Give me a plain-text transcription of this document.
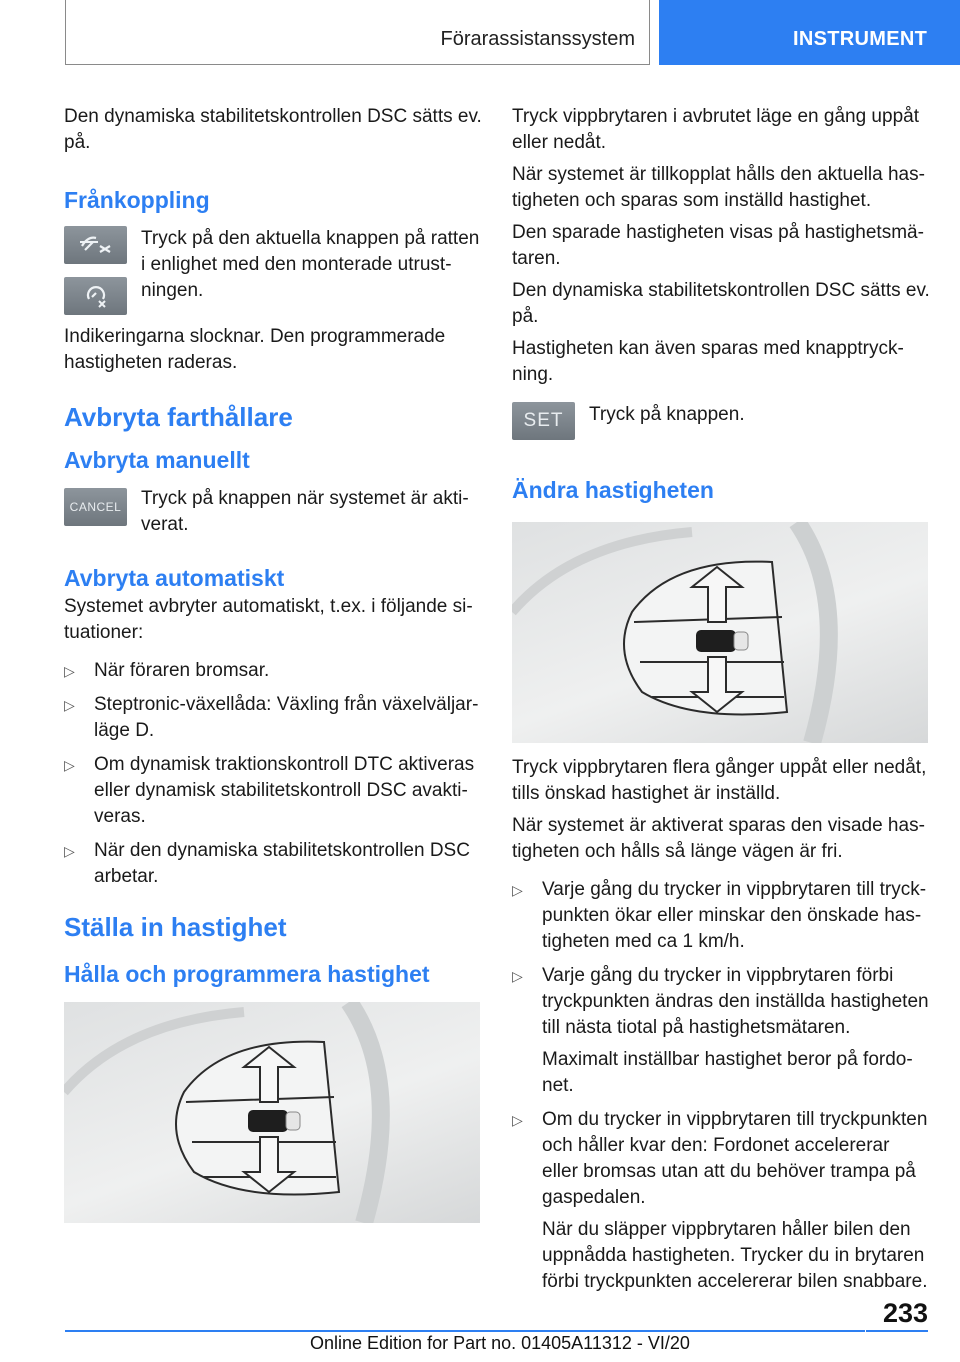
Förarassistanssystem	INSTRUMENT

Den dynamiska stabilitetskontrollen DSC sätts ev. på.

Frånkoppling
Tryck på den aktuella knappen på ratten i enlighet med den monterade utrustningen.

Indikeringarna slocknar. Den programmerade hastigheten raderas.

Avbryta farthållare
Avbryta manuellt
CANCEL Tryck på knappen när systemet är aktiverat.
Avbryta automatiskt

Systemet avbryter automatiskt, t.ex. i följande situationer:

▷ När föraren bromsar.
▷ Steptronic-växellåda: Växling från växelväljarläge D.
▷ Om dynamisk traktionskontroll DTC aktiveras eller dynamisk stabilitetskontroll DSC avaktiveras.
▷ När den dynamiska stabilitetskontrollen DSC arbetar.
Ställa in hastighet
Hålla och programmera hastighet

Tryck vippbrytaren i avbrutet läge en gång uppåt eller nedåt.

När systemet är tillkopplat hålls den aktuella hastigheten och sparas som inställd hastighet.

Den sparade hastigheten visas på hastighetsmätaren.

Den dynamiska stabilitetskontrollen DSC sätts ev. på.

Hastigheten kan även sparas med knapptryckning.

SET Tryck på knappen.
Ändra hastigheten

Tryck vippbrytaren flera gånger uppåt eller nedåt, tills önskad hastighet är inställd.

När systemet är aktiverat sparas den visade hastigheten och hålls så länge vägen är fri.

▷ Varje gång du trycker in vippbrytaren till tryckpunkten ökar eller minskar den önskade hastigheten med ca 1 km/h.
▷ Varje gång du trycker in vippbrytaren förbi tryckpunkten ändras den inställda hastigheten till nästa tiotal på hastighetsmätaren.
Maximalt inställbar hastighet beror på fordonet.
▷ Om du trycker in vippbrytaren till tryckpunkten och håller kvar den: Fordonet accelererar eller bromsas utan att du behöver trampa på gaspedalen.
När du släpper vippbrytaren håller bilen den uppnådda hastigheten. Trycker du in brytaren förbi tryckpunkten accelererar bilen snabbare.
233
Online Edition for Part no. 01405A11312 - VI/20
